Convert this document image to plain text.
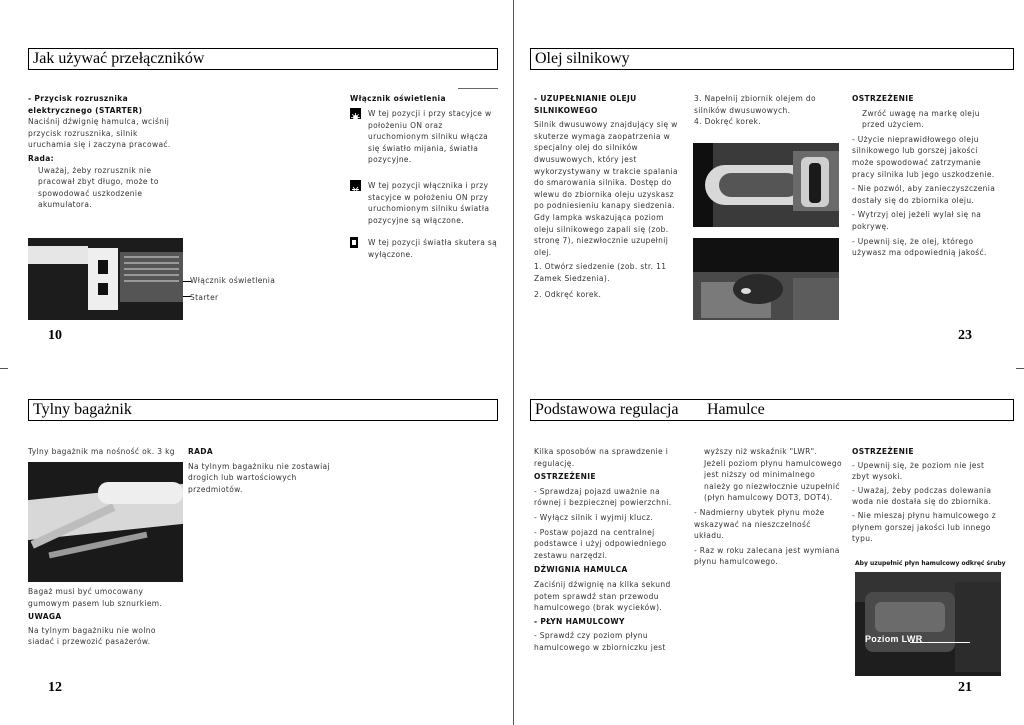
Jak używać przełączników

- Przycisk rozrusznika elektrycznego (STARTER)

Naciśnij dźwignię hamulca, wciśnij przycisk rozrusznika, silnik uruchamia się i zaczyna pracować.

Rada:

Uważaj, żeby rozrusznik nie pracował zbyt długo, może to spowodować uszkodzenie akumulatora.

Włącznik oświetlenia
Starter

Włącznik oświetlenia

W tej pozycji i przy stacyjce w położeniu ON oraz uruchomionym silniku włącza się światło mijania, światła pozycyjne.
W tej pozycji włącznika i przy stacyjce w położeniu ON przy uruchomionym silniku światła pozycyjne są włączone.
W tej pozycji światła skutera są wyłączone.
10
Olej silnikowy

- UZUPEŁNIANIE OLEJU SILNIKOWEGO

Silnik dwusuwowy znajdujący się w skuterze wymaga zaopatrzenia w specjalny olej do silników dwusuwowych, który jest wykorzystywany w trakcie spalania do smarowania silnika. Dostęp do wlewu do zbiornika oleju uzyskasz po podniesieniu kanapy siedzenia. Gdy lampka wskazująca poziom oleju silnikowego zapali się (zob. stronę 7), niezwłocznie uzupełnij olej.

1. Otwórz siedzenie (zob. str. 11 Zamek Siedzenia).

2. Odkręć korek.

3. Napełnij zbiornik olejem do silników dwusuwowych.

4. Dokręć korek.

OSTRZEŻENIE

Zwróć uwagę na markę oleju przed użyciem.

- Użycie nieprawidłowego oleju silnikowego lub gorszej jakości może spowodować zatrzymanie pracy silnika lub jego uszkodzenie.

- Nie pozwól, aby zanieczyszczenia dostały się do zbiornika oleju.

- Wytrzyj olej jeżeli wylał się na pokrywę.

- Upewnij się, że olej, którego używasz ma odpowiednią jakość.

23
Tylny bagażnik
Tylny bagażnik ma nośność ok. 3 kg

Bagaż musi być umocowany gumowym pasem lub sznurkiem.

UWAGA

Na tylnym bagażniku nie wolno siadać i przewozić pasażerów.

RADA

Na tylnym bagażniku nie zostawiaj drogich lub wartościowych przedmiotów.

12
Podstawowa regulacja Hamulce

Kilka sposobów na sprawdzenie i regulację.

OSTRZEŻENIE

- Sprawdzaj pojazd uważnie na równej i bezpiecznej powierzchni.

- Wyłącz silnik i wyjmij klucz.

- Postaw pojazd na centralnej podstawce i użyj odpowiedniego zestawu narzędzi.

DŹWIGNIA HAMULCA

Zaciśnij dźwignię na kilka sekund potem sprawdź stan przewodu hamulcowego (brak wycieków).

- PŁYN HAMULCOWY

- Sprawdź czy poziom płynu hamulcowego w zbiorniczku jest

wyższy niż wskaźnik "LWR".

Jeżeli poziom płynu hamulcowego jest niższy od minimalnego należy go niezwłocznie uzupełnić (płyn hamulcowy DOT3, DOT4).

- Nadmierny ubytek płynu może wskazywać na nieszczelność układu.

- Raz w roku zalecana jest wymiana płynu hamulcowego.

OSTRZEŻENIE

- Upewnij się, że poziom nie jest zbyt wysoki.

- Uważaj, żeby podczas dolewania woda nie dostała się do zbiornika.

- Nie mieszaj płynu hamulcowego z płynem gorszej jakości lub innego typu.

Aby uzupełnić płyn hamulcowy odkręć śruby
Poziom LWR
21
